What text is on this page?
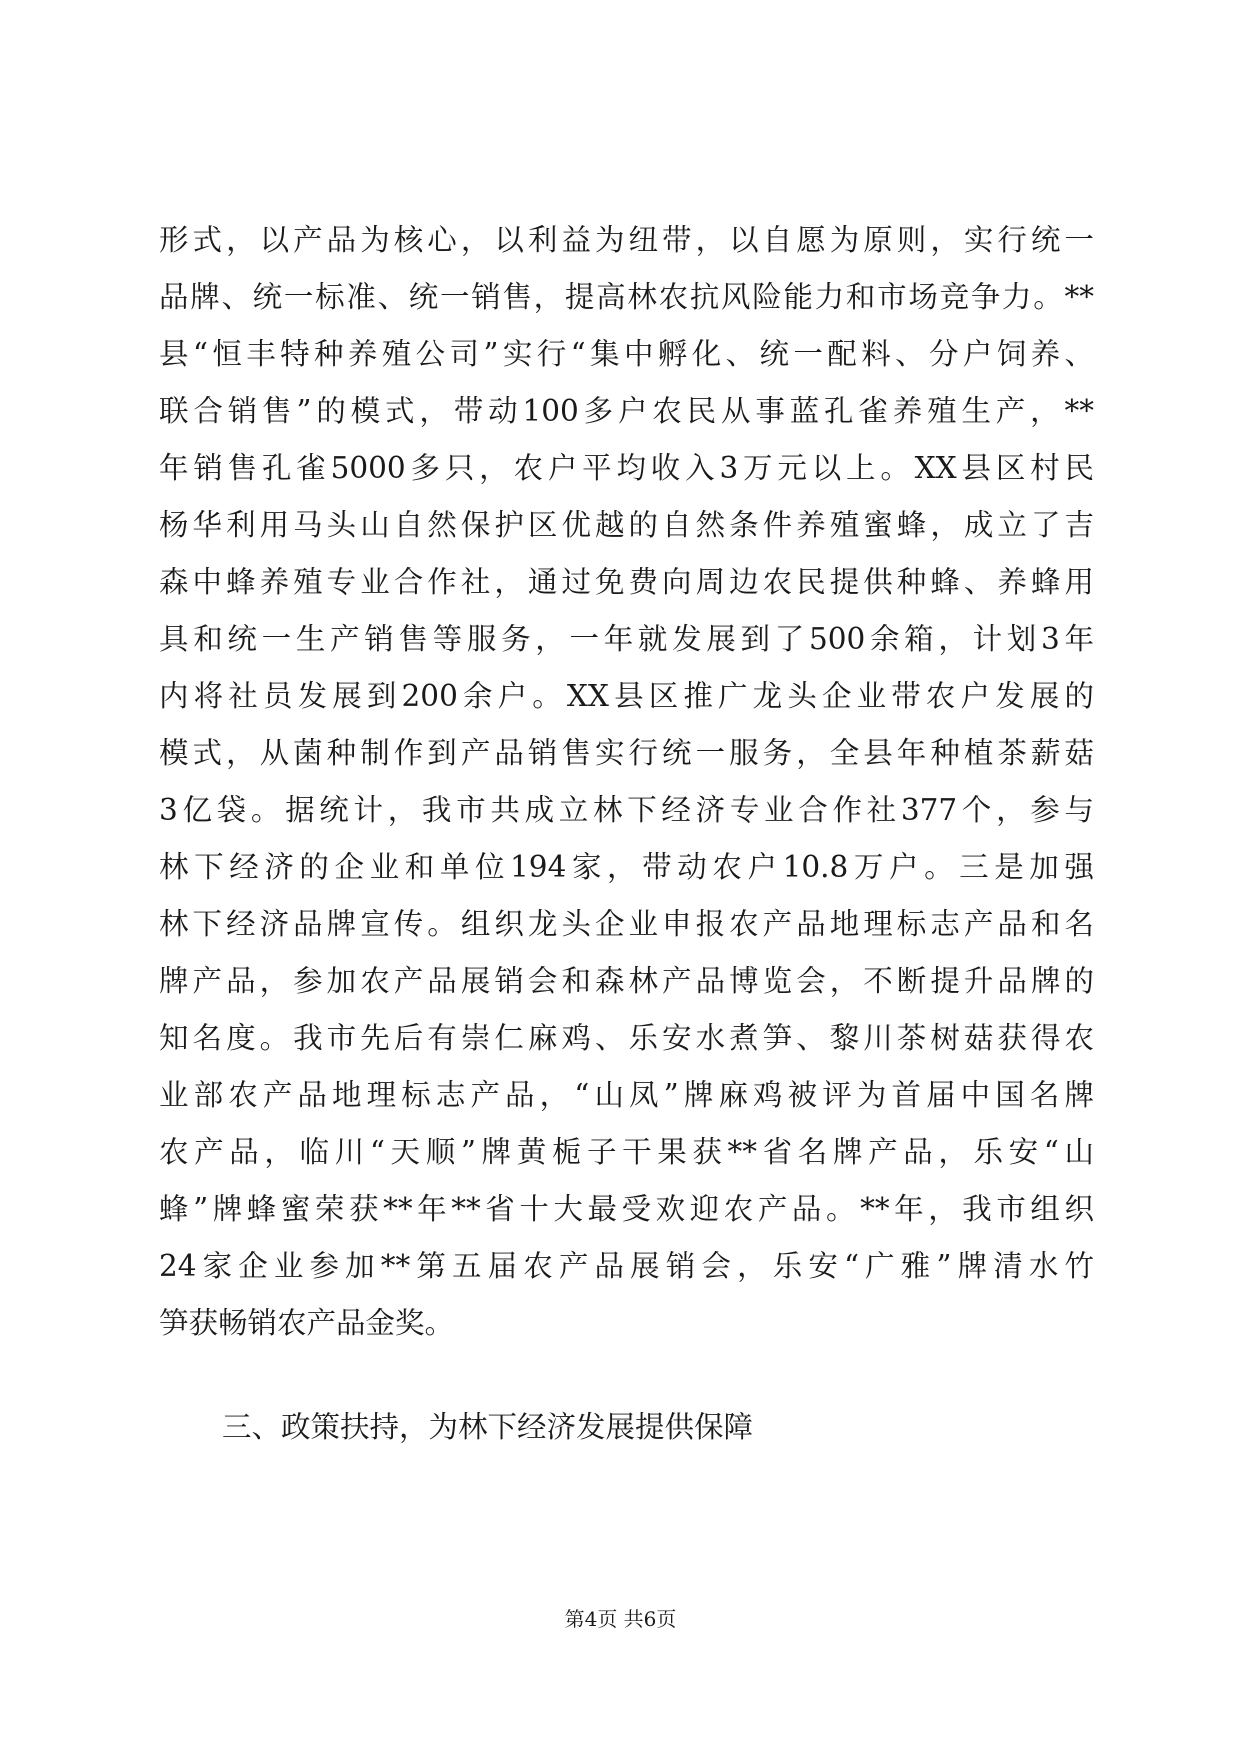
形式，以产品为核心，以利益为纽带，以自愿为原则，实行统一
品牌、统一标准、统一销售，提高林农抗风险能力和市场竞争力。**
县“恒丰特种养殖公司”实行“集中孵化、统一配料、分户饲养、
联合销售”的模式，带动100多户农民从事蓝孔雀养殖生产，**
年销售孔雀5000多只，农户平均收入3万元以上。XX县区村民
杨华利用马头山自然保护区优越的自然条件养殖蜜蜂，成立了吉
森中蜂养殖专业合作社，通过免费向周边农民提供种蜂、养蜂用
具和统一生产销售等服务，一年就发展到了500余箱，计划3年
内将社员发展到200余户。XX县区推广龙头企业带农户发展的
模式，从菌种制作到产品销售实行统一服务，全县年种植茶薪菇
3亿袋。据统计，我市共成立林下经济专业合作社377个，参与
林下经济的企业和单位194家，带动农户10.8万户。三是加强
林下经济品牌宣传。组织龙头企业申报农产品地理标志产品和名
牌产品，参加农产品展销会和森林产品博览会，不断提升品牌的
知名度。我市先后有崇仁麻鸡、乐安水煮笋、黎川茶树菇获得农
业部农产品地理标志产品，“山凤”牌麻鸡被评为首届中国名牌
农产品，临川“天顺”牌黄栀子干果获**省名牌产品，乐安“山
蜂”牌蜂蜜荣获**年**省十大最受欢迎农产品。**年，我市组织
24家企业参加**第五届农产品展销会，乐安“广雅”牌清水竹
笋获畅销农产品金奖。
三、政策扶持，为林下经济发展提供保障
第4页 共6页
